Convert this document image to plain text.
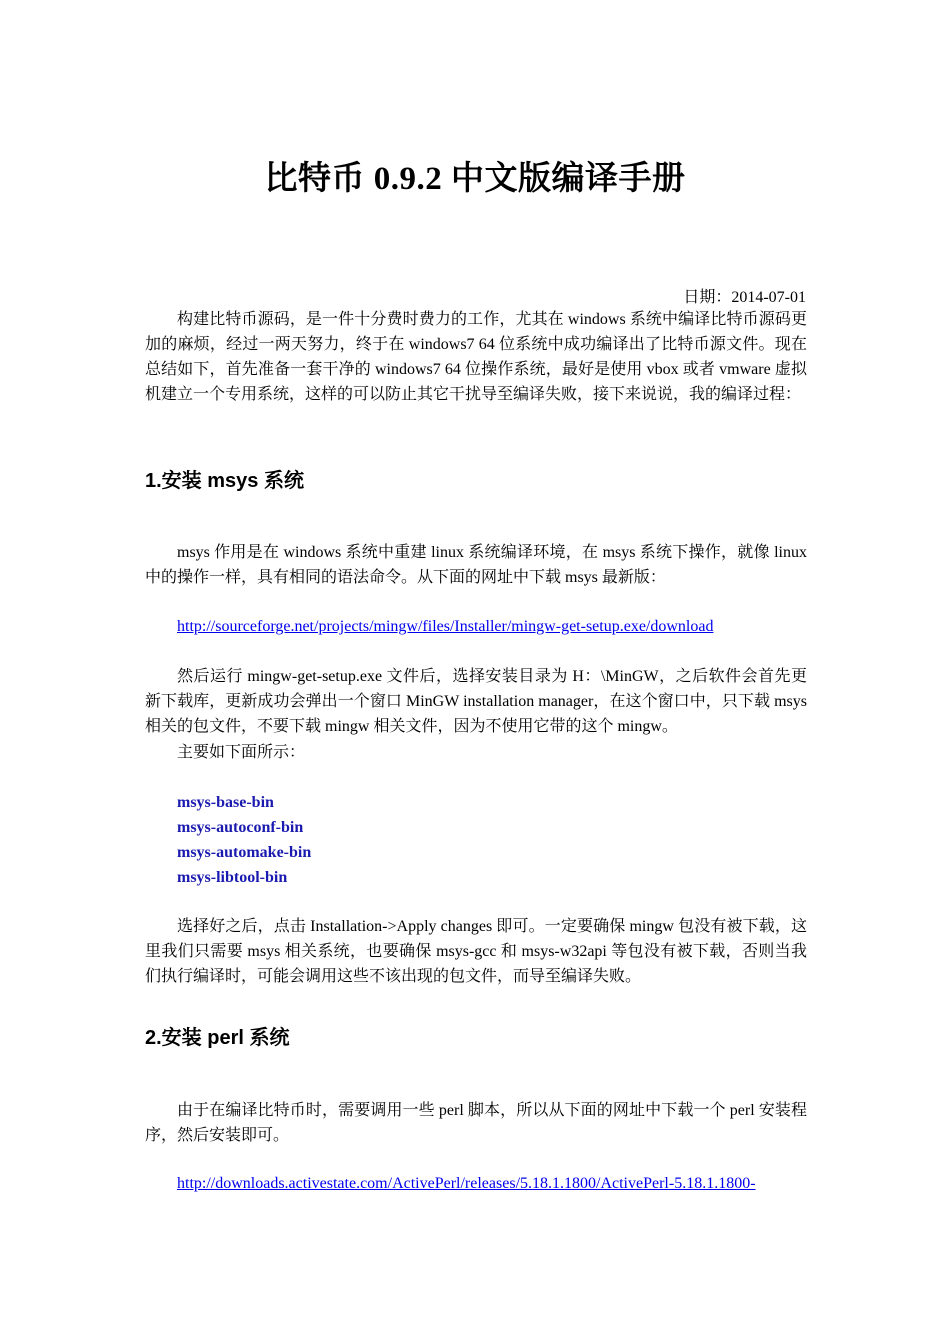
比特币 0.9.2 中文版编译手册
日期：2014-07-01

构建比特币源码，是一件十分费时费力的工作，尤其在 windows 系统中编译比特币源码更加的麻烦，经过一两天努力，终于在 windows7 64 位系统中成功编译出了比特币源文件。现在总结如下，首先准备一套干净的 windows7 64 位操作系统，最好是使用 vbox 或者 vmware 虚拟机建立一个专用系统，这样的可以防止其它干扰导至编译失败，接下来说说，我的编译过程：

1.安装 msys 系统

msys 作用是在 windows 系统中重建 linux 系统编译环境，在 msys 系统下操作，就像 linux 中的操作一样，具有相同的语法命令。从下面的网址中下载 msys 最新版：

http://sourceforge.net/projects/mingw/files/Installer/mingw-get-setup.exe/download

然后运行 mingw-get-setup.exe 文件后，选择安装目录为 H：\MinGW，之后软件会首先更新下载库，更新成功会弹出一个窗口 MinGW installation manager，在这个窗口中，只下载 msys 相关的包文件，不要下载 mingw 相关文件，因为不使用它带的这个 mingw。

主要如下面所示：

msys-base-bin
msys-autoconf-bin
msys-automake-bin
msys-libtool-bin

选择好之后，点击 Installation->Apply changes 即可。一定要确保 mingw 包没有被下载，这里我们只需要 msys 相关系统，也要确保 msys-gcc 和 msys-w32api 等包没有被下载，否则当我们执行编译时，可能会调用这些不该出现的包文件，而导至编译失败。

2.安装 perl 系统

由于在编译比特币时，需要调用一些 perl 脚本，所以从下面的网址中下载一个 perl 安装程序，然后安装即可。

http://downloads.activestate.com/ActivePerl/releases/5.18.1.1800/ActivePerl-5.18.1.1800-
